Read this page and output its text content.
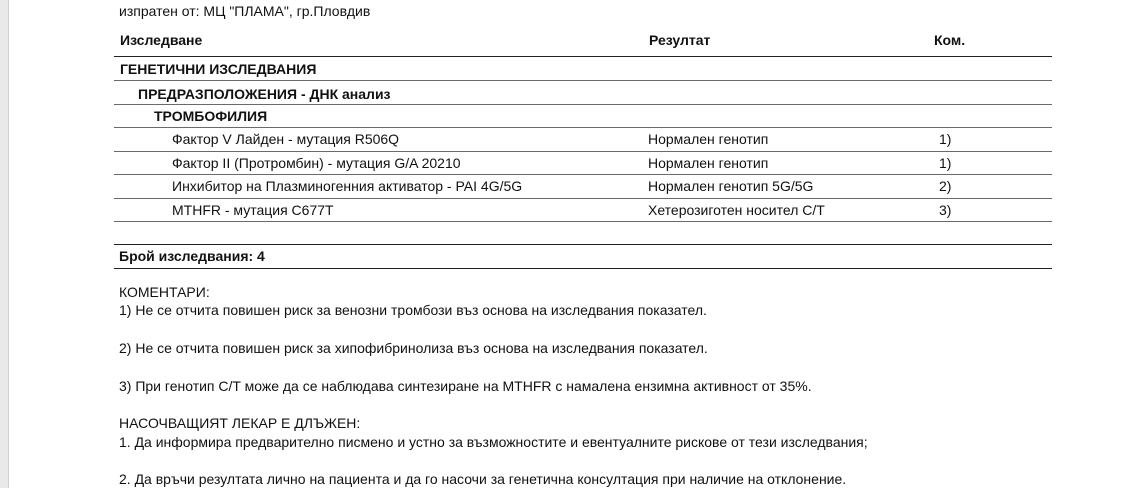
изпратен от: МЦ "ПЛАМА", гр.Пловдив
Изследване	Резултат	Ком.
ГЕНЕТИЧНИ ИЗСЛЕДВАНИЯ
ПРЕДРАЗПОЛОЖЕНИЯ - ДНК анализ
ТРОМБОФИЛИЯ
Фактор V Лайден - мутация R506Q	Нормален генотип	1)
Фактор II (Протромбин) - мутация G/A 20210	Нормален генотип	1)
Инхибитор на Плазминогенния активатор - PAI 4G/5G	Нормален генотип 5G/5G	2)
MTHFR - мутация C677T	Хетерозиготен носител C/T	3)
Брой изследвания: 4
КОМЕНТАРИ:
1) Не се отчита повишен риск за венозни тромбози въз основа на изследвания показател.
2) Не се отчита повишен риск за хипофибринолиза въз основа на изследвания показател.
3) При генотип C/T може да се наблюдава синтезиране на MTHFR с намалена ензимна активност от 35%.
НАСОЧВАЩИЯТ ЛЕКАР Е ДЛЪЖЕН:
1. Да информира предварително писмено и устно за възможностите и евентуалните рискове от тези изследвания;
2. Да връчи резултата лично на пациента и да го насочи за генетична консултация при наличие на отклонение.
